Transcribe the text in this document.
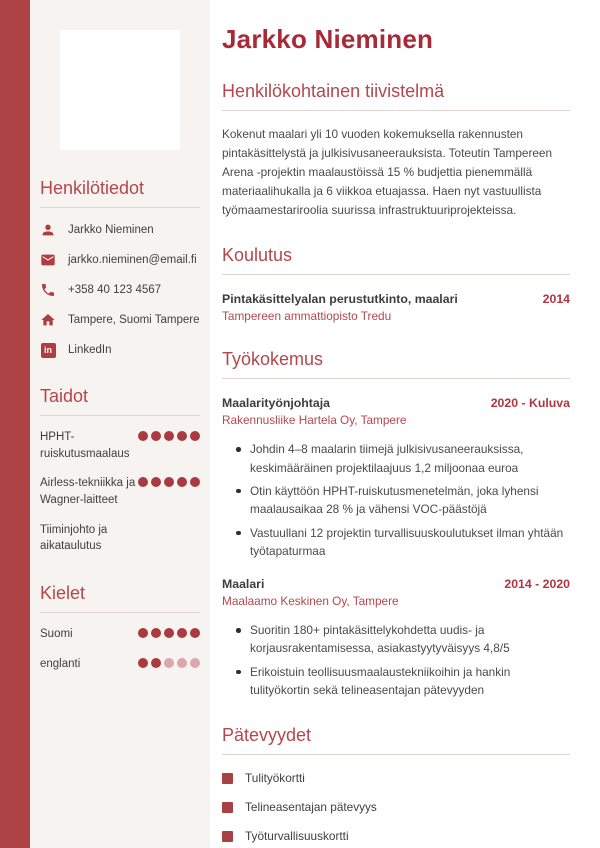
Henkilötiedot
Jarkko Nieminen
jarkko.nieminen@email.fi
+358 40 123 4567
Tampere, Suomi Tampere
in	LinkedIn
Taidot
HPHT-ruiskutusmaalaus
Airless-tekniikka ja Wagner-laitteet
Tiiminjohto ja aikataulutus
Kielet
Suomi
englanti
Jarkko Nieminen
Henkilökohtainen tiivistelmä

Kokenut maalari yli 10 vuoden kokemuksella rakennusten pintakäsittelystä ja julkisivusaneerauksista. Toteutin Tampereen Arena -projektin maalaustöissä 15 % budjettia pienemmällä materiaalihukalla ja 6 viikkoa etuajassa. Haen nyt vastuullista työmaamestariroolia suurissa infrastruktuuriprojekteissa.

Koulutus
Pintakäsittelyalan perustutkinto, maalari	2014
Tampereen ammattiopisto Tredu
Työkokemus
Maalarityönjohtaja	2020 - Kuluva
Rakennusliike Hartela Oy, Tampere
Johdin 4–8 maalarin tiimejä julkisivusaneerauksissa, keskimääräinen projektilaajuus 1,2 miljoonaa euroa
Otin käyttöön HPHT-ruiskutusmenetelmän, joka lyhensi maalausaikaa 28 % ja vähensi VOC-päästöjä
Vastuullani 12 projektin turvallisuuskoulutukset ilman yhtään työtapaturmaa
Maalari	2014 - 2020
Maalaamo Keskinen Oy, Tampere
Suoritin 180+ pintakäsittelykohdetta uudis- ja korjausrakentamisessa, asiakastyytyväisyys 4,8/5
Erikoistuin teollisuusmaalaustekniikoihin ja hankin tulityökortin sekä telineasentajan pätevyyden
Pätevyydet
Tulityökortti
Telineasentajan pätevyys
Työturvallisuuskortti
